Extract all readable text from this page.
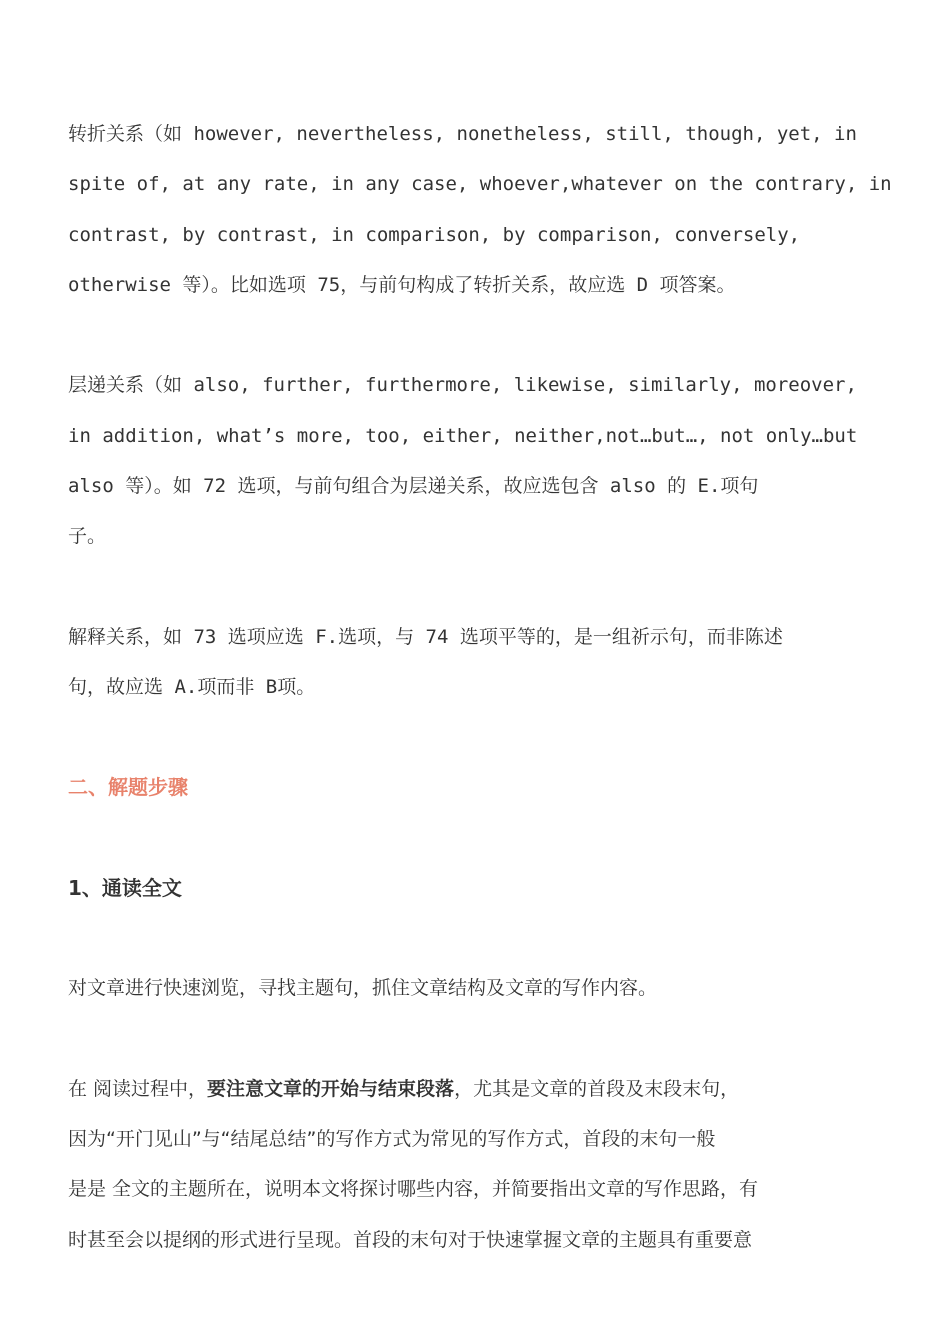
转折关系（如 however, nevertheless, nonetheless, still, though, yet, in
spite of, at any rate, in any case, whoever,whatever on the contrary, in
contrast, by contrast, in comparison, by comparison, conversely,
otherwise 等）。比如选项 75，与前句构成了转折关系，故应选 D 项答案。
层递关系（如 also, further, furthermore, likewise, similarly, moreover,
in addition, what’s more, too, either, neither,not…but…, not only…but
also 等）。如 72 选项，与前句组合为层递关系，故应选包含 also 的 E.项句
子。
解释关系，如 73 选项应选 F.选项，与 74 选项平等的，是一组祈示句，而非陈述
句，故应选 A.项而非 B项。
二、解题步骤
1、通读全文
对文章进行快速浏览，寻找主题句，抓住文章结构及文章的写作内容。
在 阅读过程中，要注意文章的开始与结束段落，尤其是文章的首段及末段末句，
因为“开门见山”与“结尾总结”的写作方式为常见的写作方式，首段的末句一般
是是 全文的主题所在，说明本文将探讨哪些内容，并简要指出文章的写作思路，有
时甚至会以提纲的形式进行呈现。首段的末句对于快速掌握文章的主题具有重要意
